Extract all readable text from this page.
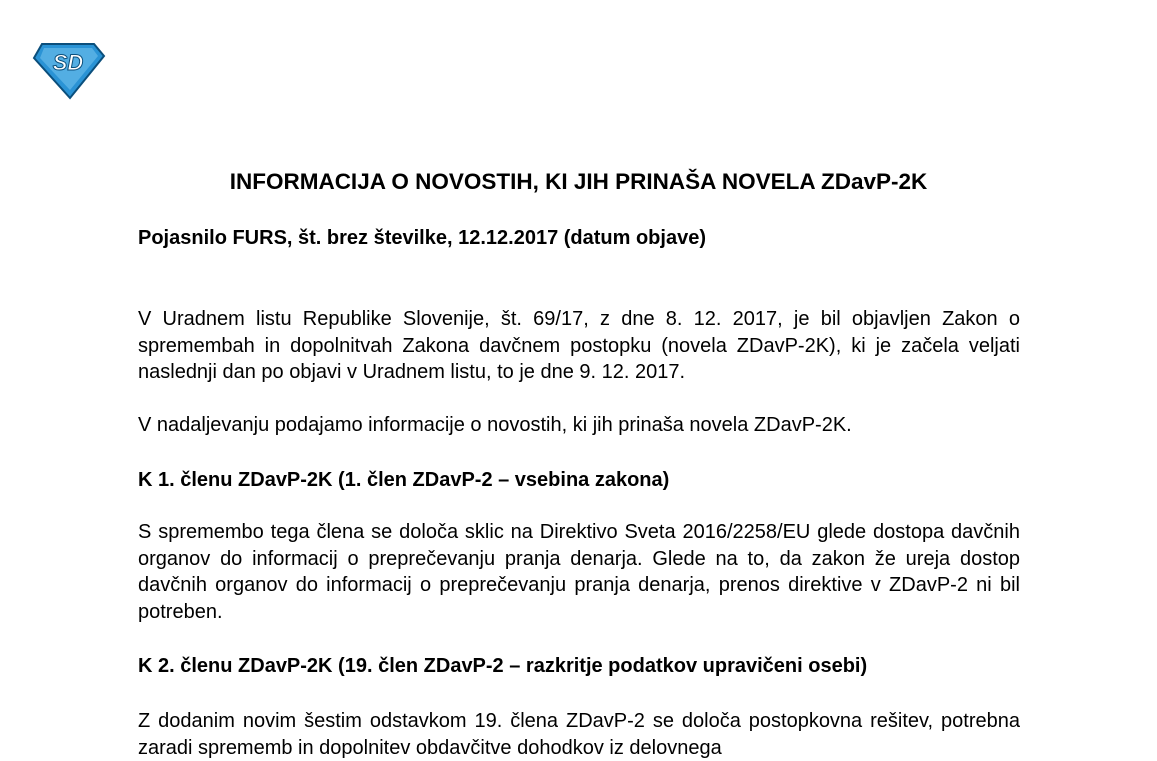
SD
INFORMACIJA O NOVOSTIH, KI JIH PRINAŠA NOVELA ZDavP-2K

Pojasnilo FURS, št. brez številke, 12.12.2017 (datum objave)

V Uradnem listu Republike Slovenije, št. 69/17, z dne 8. 12. 2017, je bil objavljen Zakon o spremembah in dopolnitvah Zakona davčnem postopku (novela ZDavP-2K), ki je začela veljati naslednji dan po objavi v Uradnem listu, to je dne 9. 12. 2017.

V nadaljevanju podajamo informacije o novostih, ki jih prinaša novela ZDavP-2K.

K 1. členu ZDavP-2K (1. člen ZDavP-2 – vsebina zakona)

S spremembo tega člena se določa sklic na Direktivo Sveta 2016/2258/EU glede dostopa davčnih organov do informacij o preprečevanju pranja denarja. Glede na to, da zakon že ureja dostop davčnih organov do informacij o preprečevanju pranja denarja, prenos direktive v ZDavP-2 ni bil potreben.

K 2. členu ZDavP-2K (19. člen ZDavP-2 – razkritje podatkov upravičeni osebi)

Z dodanim novim šestim odstavkom 19. člena ZDavP-2 se določa postopkovna rešitev, potrebna zaradi sprememb in dopolnitev obdavčitve dohodkov iz delovnega
